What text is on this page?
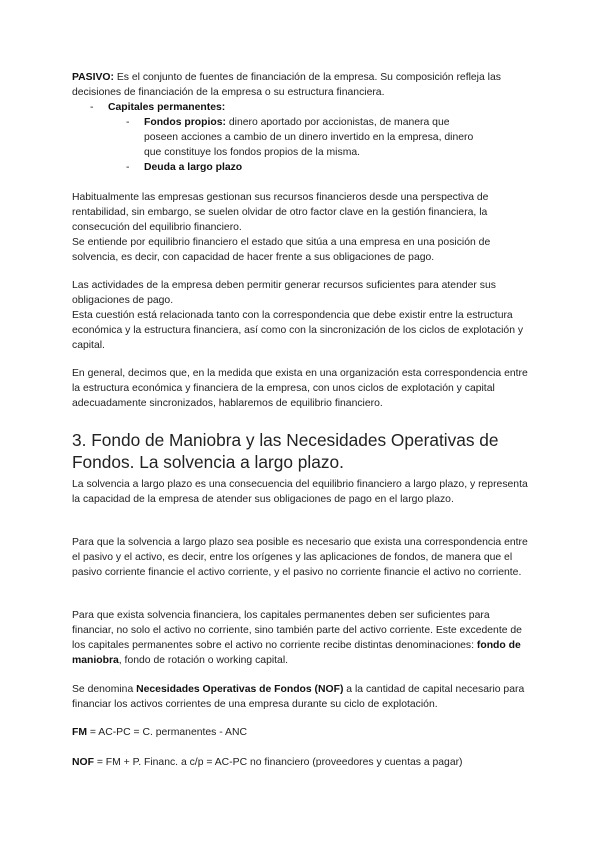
PASIVO: Es el conjunto de fuentes de financiación de la empresa. Su composición refleja las decisiones de financiación de la empresa o su estructura financiera.

-	Capitales permanentes:
-	Fondos propios: dinero aportado por accionistas, de manera que poseen acciones a cambio de un dinero invertido en la empresa, dinero que constituye los fondos propios de la misma.

-	Deuda a largo plazo

Habitualmente las empresas gestionan sus recursos financieros desde una perspectiva de rentabilidad, sin embargo, se suelen olvidar de otro factor clave en la gestión financiera, la consecución del equilibrio financiero.

Se entiende por equilibrio financiero el estado que sitúa a una empresa en una posición de solvencia, es decir, con capacidad de hacer frente a sus obligaciones de pago.

Las actividades de la empresa deben permitir generar recursos suficientes para atender sus obligaciones de pago.

Esta cuestión está relacionada tanto con la correspondencia que debe existir entre la estructura económica y la estructura financiera, así como con la sincronización de los ciclos de explotación y capital.

En general, decimos que, en la medida que exista en una organización esta correspondencia entre la estructura económica y financiera de la empresa, con unos ciclos de explotación y capital adecuadamente sincronizados, hablaremos de equilibrio financiero.

3. Fondo de Maniobra y las Necesidades Operativas de Fondos. La solvencia a largo plazo.

La solvencia a largo plazo es una consecuencia del equilibrio financiero a largo plazo, y representa la capacidad de la empresa de atender sus obligaciones de pago en el largo plazo.

Para que la solvencia a largo plazo sea posible es necesario que exista una correspondencia entre el pasivo y el activo, es decir, entre los orígenes y las aplicaciones de fondos, de manera que el pasivo corriente financie el activo corriente, y el pasivo no corriente financie el activo no corriente.

Para que exista solvencia financiera, los capitales permanentes deben ser suficientes para financiar, no solo el activo no corriente, sino también parte del activo corriente. Este excedente de los capitales permanentes sobre el activo no corriente recibe distintas denominaciones: fondo de maniobra, fondo de rotación o working capital.

Se denomina Necesidades Operativas de Fondos (NOF) a la cantidad de capital necesario para financiar los activos corrientes de una empresa durante su ciclo de explotación.

FM = AC-PC = C. permanentes - ANC

NOF = FM + P. Financ. a c/p = AC-PC no financiero (proveedores y cuentas a pagar)
